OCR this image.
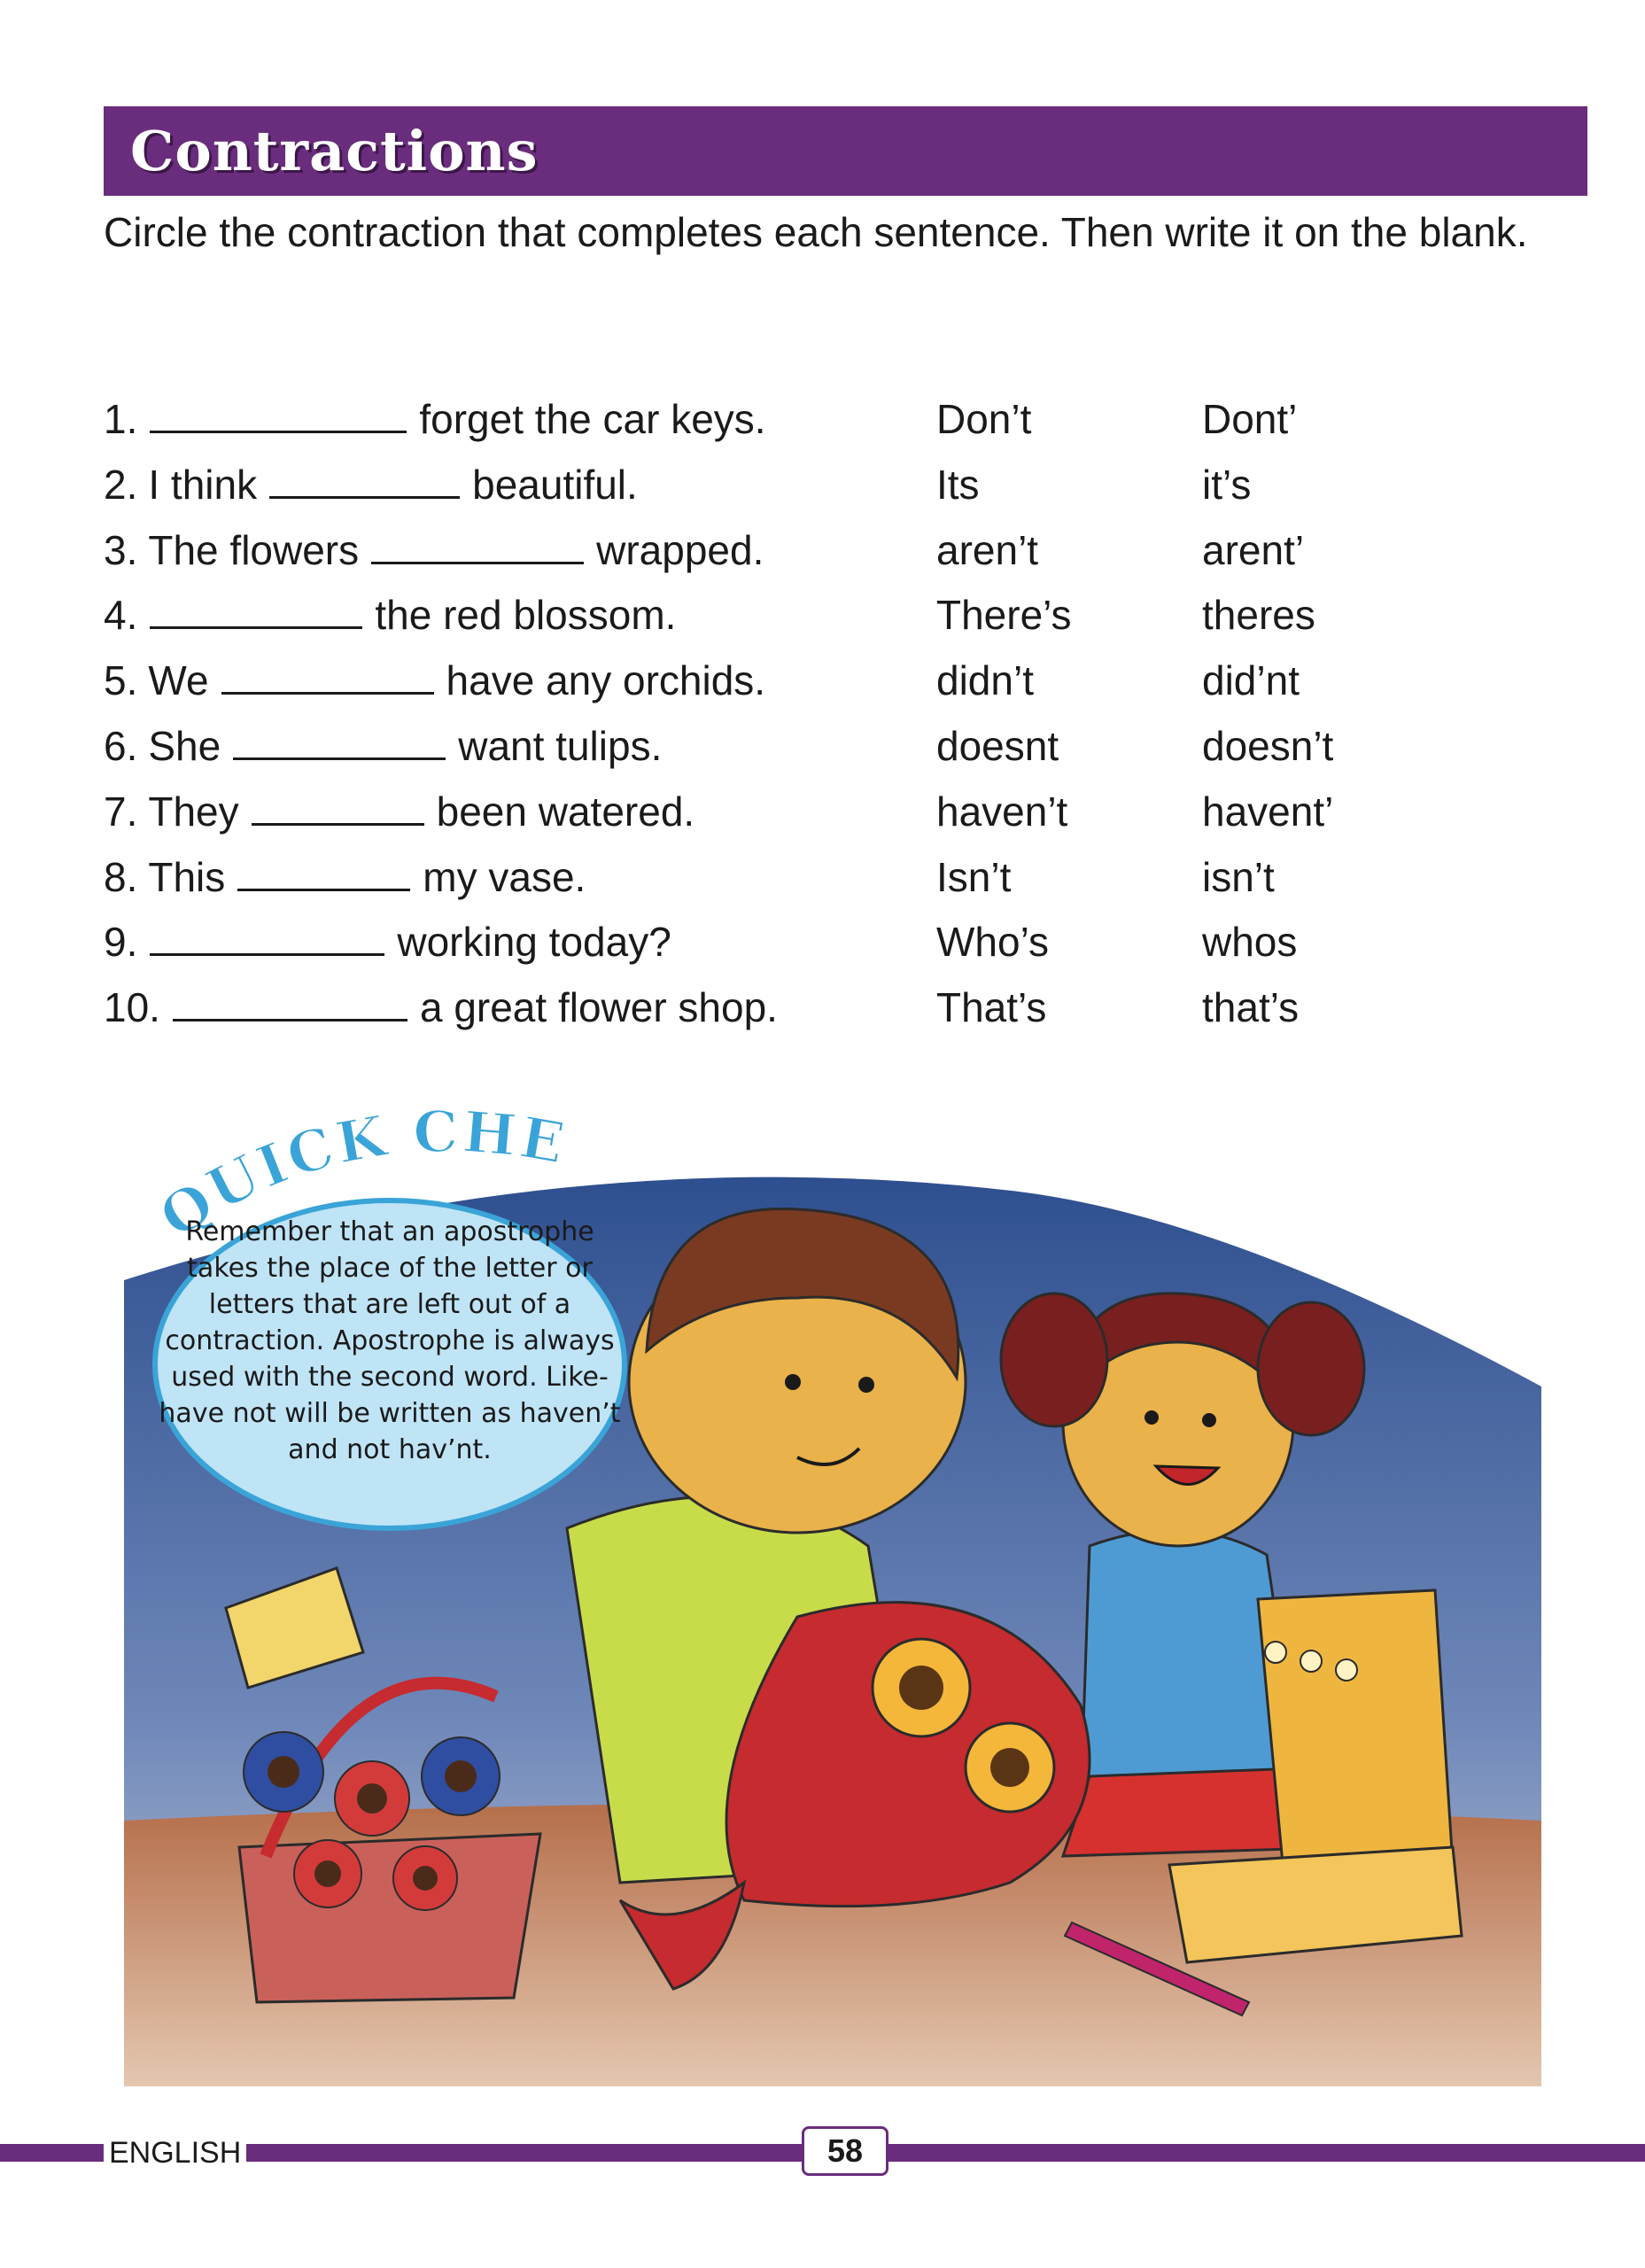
Contractions
Circle the contraction that completes each sentence. Then write it on the blank.
1.	forget the car keys.	Don’t	Dont’
2. I think	beautiful.	Its	it’s
3. The flowers	wrapped.	aren’t	arent’
4.	the red blossom.	There’s	theres
5. We	have any orchids.	didn’t	did’nt
6. She	want tulips.	doesnt	doesn’t
7. They	been watered.	haven’t	havent’
8. This	my vase.	Isn’t	isn’t
9.	working today?	Who’s	whos
10.	a great flower shop.	That’s	that’s
QUICK CHE
Remember that an apostrophe
takes the place of the letter or
letters that are left out of a
contraction. Apostrophe is always
used with the second word. Like-
have not will be written as haven’t
and not hav’nt.
ENGLISH	58
